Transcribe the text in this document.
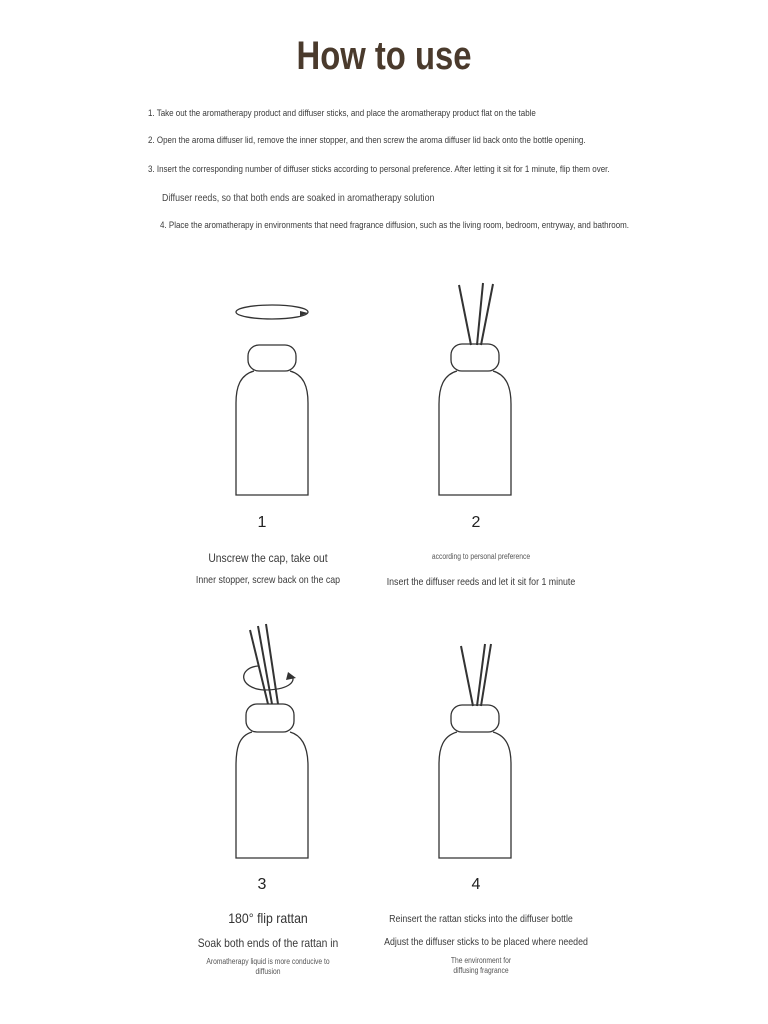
How to use
1. Take out the aromatherapy product and diffuser sticks, and place the aromatherapy product flat on the table
2. Open the aroma diffuser lid, remove the inner stopper, and then screw the aroma diffuser lid back onto the bottle opening.
3. Insert the corresponding number of diffuser sticks according to personal preference. After letting it sit for 1 minute, flip them over.
Diffuser reeds, so that both ends are soaked in aromatherapy solution
4. Place the aromatherapy in environments that need fragrance diffusion, such as the living room, bedroom, entryway, and bathroom.
1	2
3	4
Unscrew the cap, take out
Inner stopper, screw back on the cap
according to personal preference
Insert the diffuser reeds and let it sit for 1 minute
180° flip rattan
Soak both ends of the rattan in
Aromatherapy liquid is more conducive to
diffusion
Reinsert the rattan sticks into the diffuser bottle
Adjust the diffuser sticks to be placed where needed
The environment for
diffusing fragrance
